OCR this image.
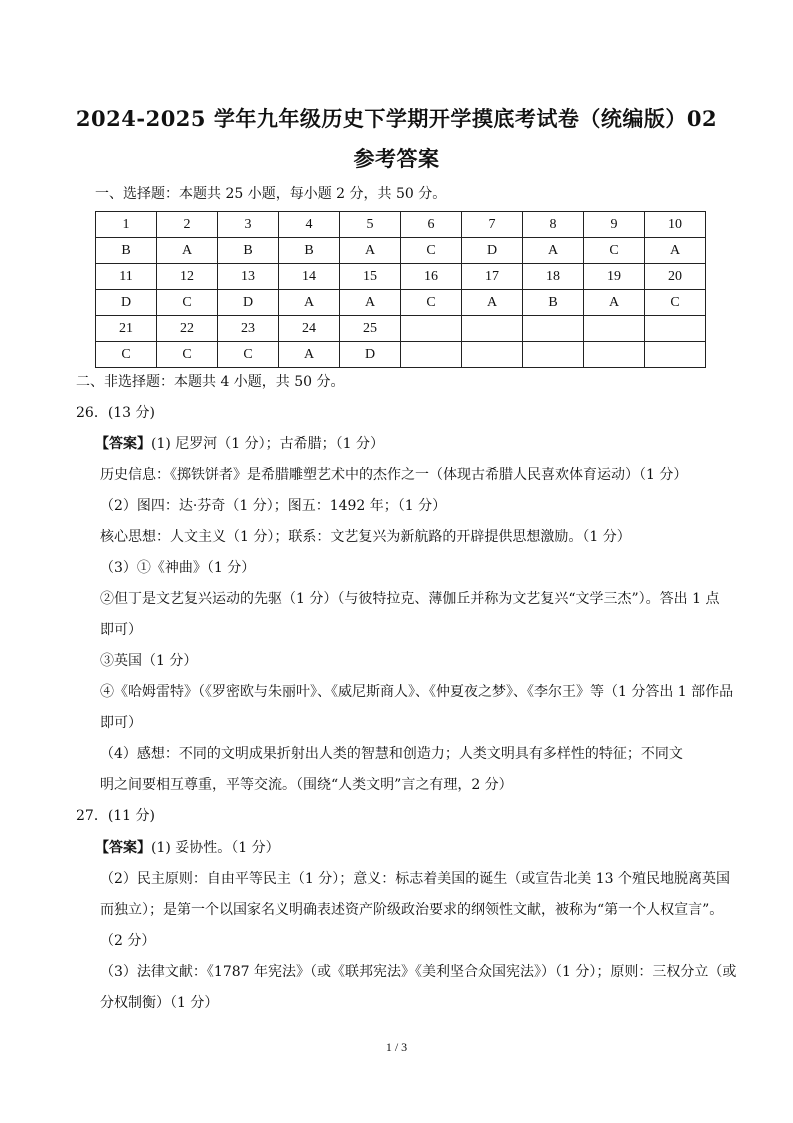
2024-2025 学年九年级历史下学期开学摸底考试卷（统编版）02
参考答案
一、选择题：本题共 25 小题，每小题 2 分，共 50 分。
1	2	3	4	5	6	7	8	9	10
B	A	B	B	A	C	D	A	C	A
11	12	13	14	15	16	17	18	19	20
D	C	D	A	A	C	A	B	A	C
21	22	23	24	25					
C	C	C	A	D					
二、非选择题：本题共 4 小题，共 50 分。
26．(13 分)
【答案】(1) 尼罗河（1 分）；古希腊；（1 分）
历史信息：《掷铁饼者》是希腊雕塑艺术中的杰作之一（体现古希腊人民喜欢体育运动）（1 分）
（2）图四：达·芬奇（1 分）；图五：1492 年；（1 分）
核心思想：人文主义（1 分）；联系：文艺复兴为新航路的开辟提供思想激励。（1 分）
（3）①《神曲》（1 分）
②但丁是文艺复兴运动的先驱（1 分）（与彼特拉克、薄伽丘并称为文艺复兴“文学三杰”）。答出 1 点
即可）
③英国（1 分）
④《哈姆雷特》（《罗密欧与朱丽叶》、《威尼斯商人》、《仲夏夜之梦》、《李尔王》等（1 分答出 1 部作品
即可）
（4）感想：不同的文明成果折射出人类的智慧和创造力；人类文明具有多样性的特征；不同文
明之间要相互尊重，平等交流。（围绕“人类文明”言之有理，2 分）
27．(11 分)
【答案】(1) 妥协性。（1 分）
（2）民主原则：自由平等民主（1 分）；意义：标志着美国的诞生（或宣告北美 13 个殖民地脱离英国
而独立）；是第一个以国家名义明确表述资产阶级政治要求的纲领性文献，被称为“第一个人权宣言”。
（2 分）
（3）法律文献：《1787 年宪法》（或《联邦宪法》《美利坚合众国宪法》）（1 分）；原则：三权分立（或
分权制衡）（1 分）
1 / 3
